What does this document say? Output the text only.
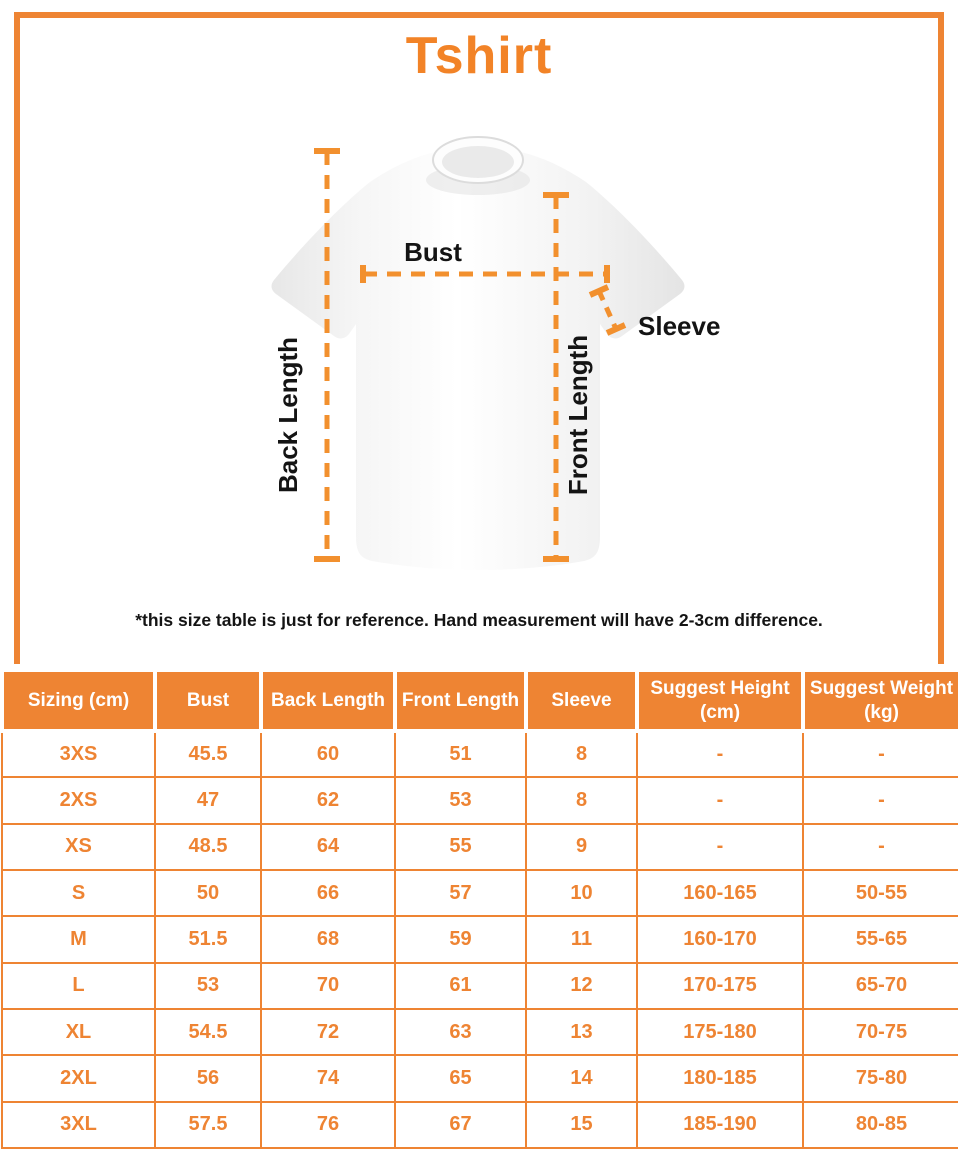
Tshirt
Bust
Sleeve
Back Length	Front Length
*this size table is just for reference. Hand measurement will have 2-3cm difference.
Sizing (cm)	Bust	Back Length	Front Length	Sleeve	Suggest Height (cm)	Suggest Weight (kg)
3XS	45.5	60	51	8	-	-
2XS	47	62	53	8	-	-
XS	48.5	64	55	9	-	-
S	50	66	57	10	160-165	50-55
M	51.5	68	59	11	160-170	55-65
L	53	70	61	12	170-175	65-70
XL	54.5	72	63	13	175-180	70-75
2XL	56	74	65	14	180-185	75-80
3XL	57.5	76	67	15	185-190	80-85
